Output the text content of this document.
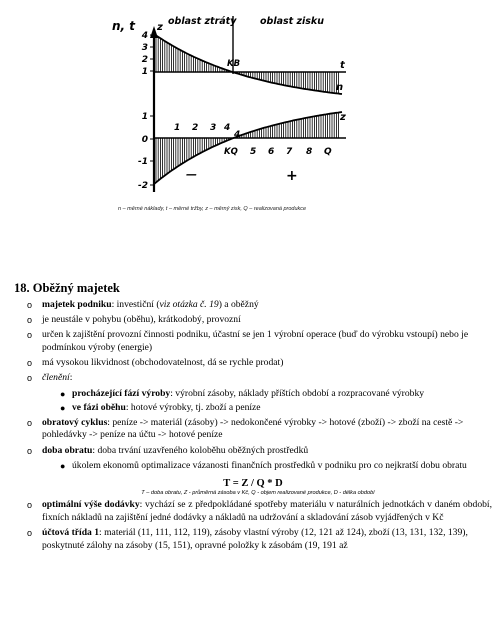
n, t z
oblast ztráty oblast zisku
KB	t
n
z
4
3
2
1
1
0
-1
-2
1 2 3 4
4
5 6 7 8 Q
KQ
—	+
n – měrné náklady, t – měrné tržby, z – měrný zisk, Q – realizovaná produkce
18. Oběžný majetek
o majetek podniku: investiční (viz otázka č. 19) a oběžný
o je neustále v pohybu (oběhu), krátkodobý, provozní
o určen k zajištění provozní činnosti podniku, účastní se jen 1 výrobní operace (buď do výrobku vstoupí) nebo je podmínkou výroby (energie)
o má vysokou likvidnost (obchodovatelnost, dá se rychle prodat)
o členění:
● procházející fází výroby: výrobní zásoby, náklady příštích období a rozpracované výrobky
● ve fázi oběhu: hotové výrobky, tj. zboží a peníze
o obratový cyklus: peníze -> materiál (zásoby) -> nedokončené výrobky -> hotové (zboží) -> zboží na cestě -> pohledávky -> peníze na účtu -> hotové peníze
o doba obratu: doba trvání uzavřeného koloběhu oběžných prostředků
● úkolem ekonomů optimalizace vázanosti finančních prostředků v podniku pro co nejkratší dobu obratu
T = Z / Q * D
T – doba obratu, Z - průměrná zásoba v Kč, Q - objem realizované produkce, D - délka období
o optimální výše dodávky: vychází se z předpokládané spotřeby materiálu v naturálních jednotkách v daném období, fixních nákladů na zajištění jedné dodávky a nákladů na udržování a skladování zásob vyjádřených v Kč
o účtová třída 1: materiál (11, 111, 112, 119), zásoby vlastní výroby (12, 121 až 124), zboží (13, 131, 132, 139), poskytnuté zálohy na zásoby (15, 151), opravné položky k zásobám (19, 191 až
